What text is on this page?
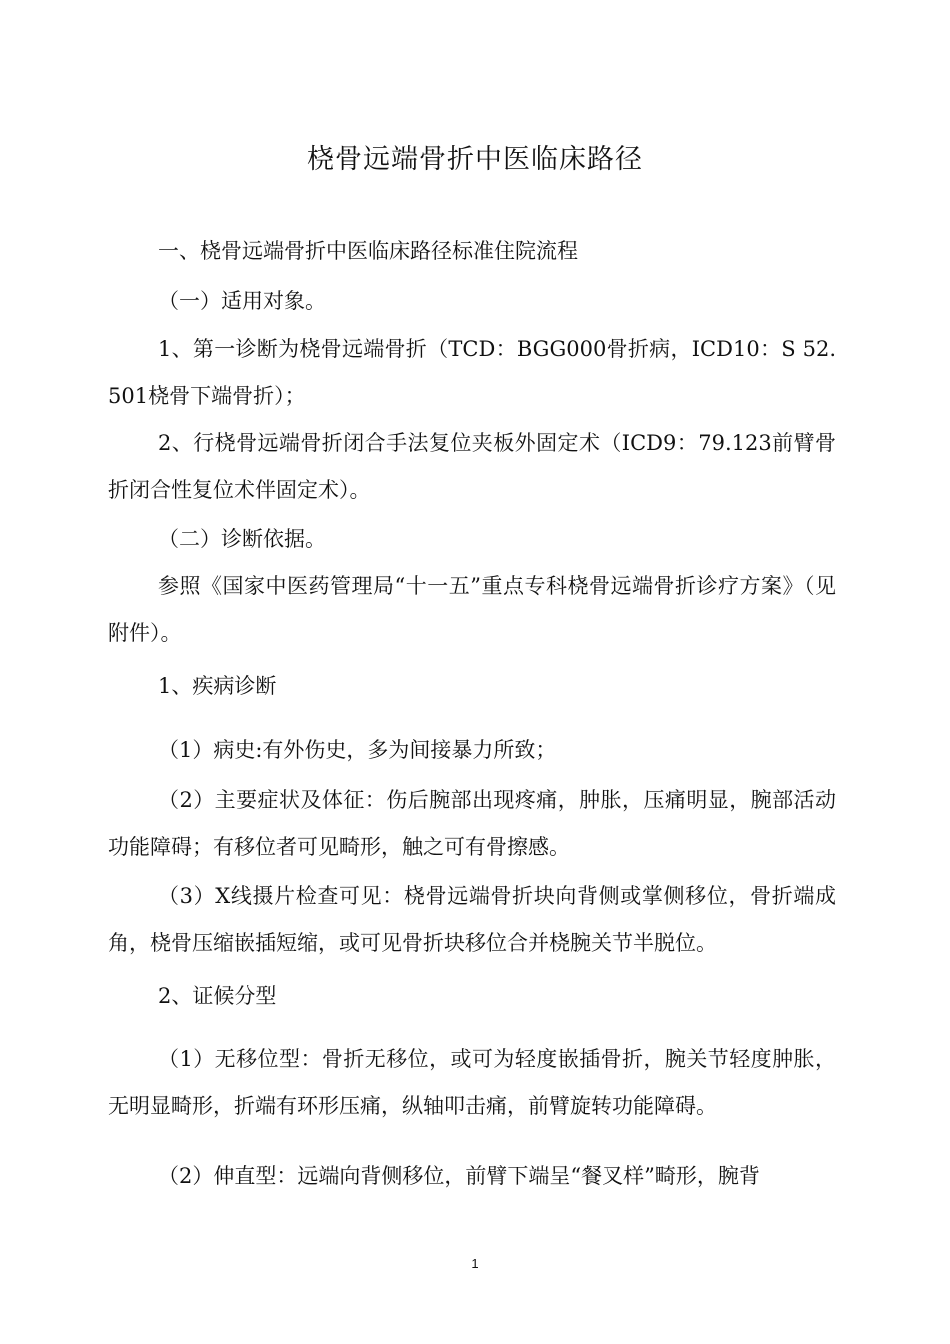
桡骨远端骨折中医临床路径
一、桡骨远端骨折中医临床路径标准住院流程
（一）适用对象。
1、第一诊断为桡骨远端骨折（TCD：BGG000骨折病，ICD10：S 52.501桡骨下端骨折）；
2、行桡骨远端骨折闭合手法复位夹板外固定术（ICD9：79.123前臂骨折闭合性复位术伴固定术）。
（二）诊断依据。
参照《国家中医药管理局“十一五”重点专科桡骨远端骨折诊疗方案》（见附件）。
1、疾病诊断
（1）病史:有外伤史，多为间接暴力所致；
（2）主要症状及体征：伤后腕部出现疼痛，肿胀，压痛明显，腕部活动功能障碍；有移位者可见畸形，触之可有骨擦感。
（3）X线摄片检查可见：桡骨远端骨折块向背侧或掌侧移位，骨折端成角，桡骨压缩嵌插短缩，或可见骨折块移位合并桡腕关节半脱位。
2、证候分型
（1）无移位型：骨折无移位，或可为轻度嵌插骨折，腕关节轻度肿胀，无明显畸形，折端有环形压痛，纵轴叩击痛，前臂旋转功能障碍。
（2）伸直型：远端向背侧移位，前臂下端呈“餐叉样”畸形，腕背
1
